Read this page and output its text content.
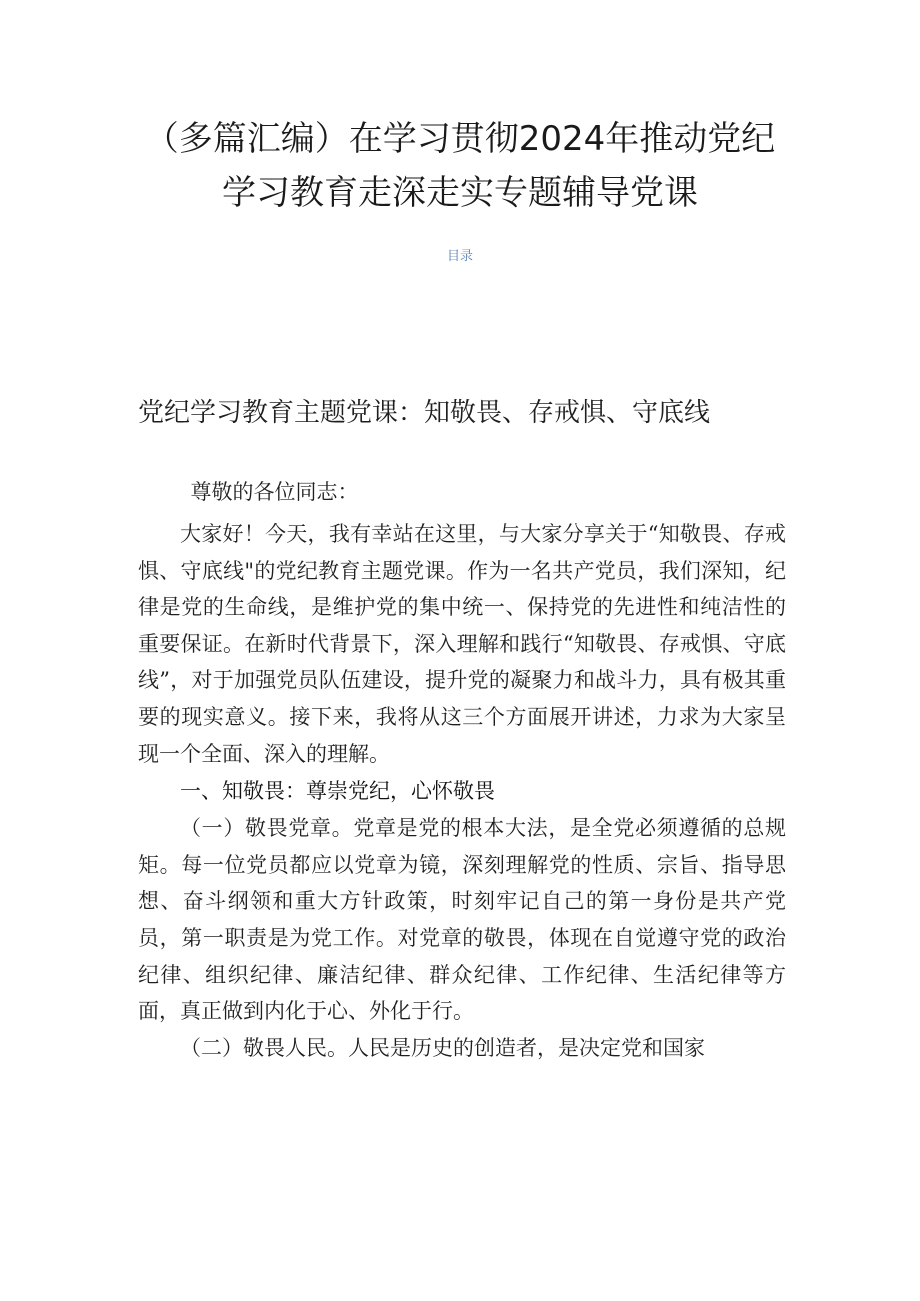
（多篇汇编）在学习贯彻2024年推动党纪
学习教育走深走实专题辅导党课
目录
党纪学习教育主题党课：知敬畏、存戒惧、守底线

尊敬的各位同志：

大家好！今天，我有幸站在这里，与大家分享关于“知敬畏、存戒惧、守底线"的党纪教育主题党课。作为一名共产党员，我们深知，纪律是党的生命线，是维护党的集中统一、保持党的先进性和纯洁性的重要保证。在新时代背景下，深入理解和践行“知敬畏、存戒惧、守底线”，对于加强党员队伍建设，提升党的凝聚力和战斗力，具有极其重要的现实意义。接下来，我将从这三个方面展开讲述，力求为大家呈现一个全面、深入的理解。

一、知敬畏：尊崇党纪，心怀敬畏

（一）敬畏党章。党章是党的根本大法，是全党必须遵循的总规矩。每一位党员都应以党章为镜，深刻理解党的性质、宗旨、指导思想、奋斗纲领和重大方针政策，时刻牢记自己的第一身份是共产党员，第一职责是为党工作。对党章的敬畏，体现在自觉遵守党的政治纪律、组织纪律、廉洁纪律、群众纪律、工作纪律、生活纪律等方面，真正做到内化于心、外化于行。

（二）敬畏人民。人民是历史的创造者，是决定党和国家
